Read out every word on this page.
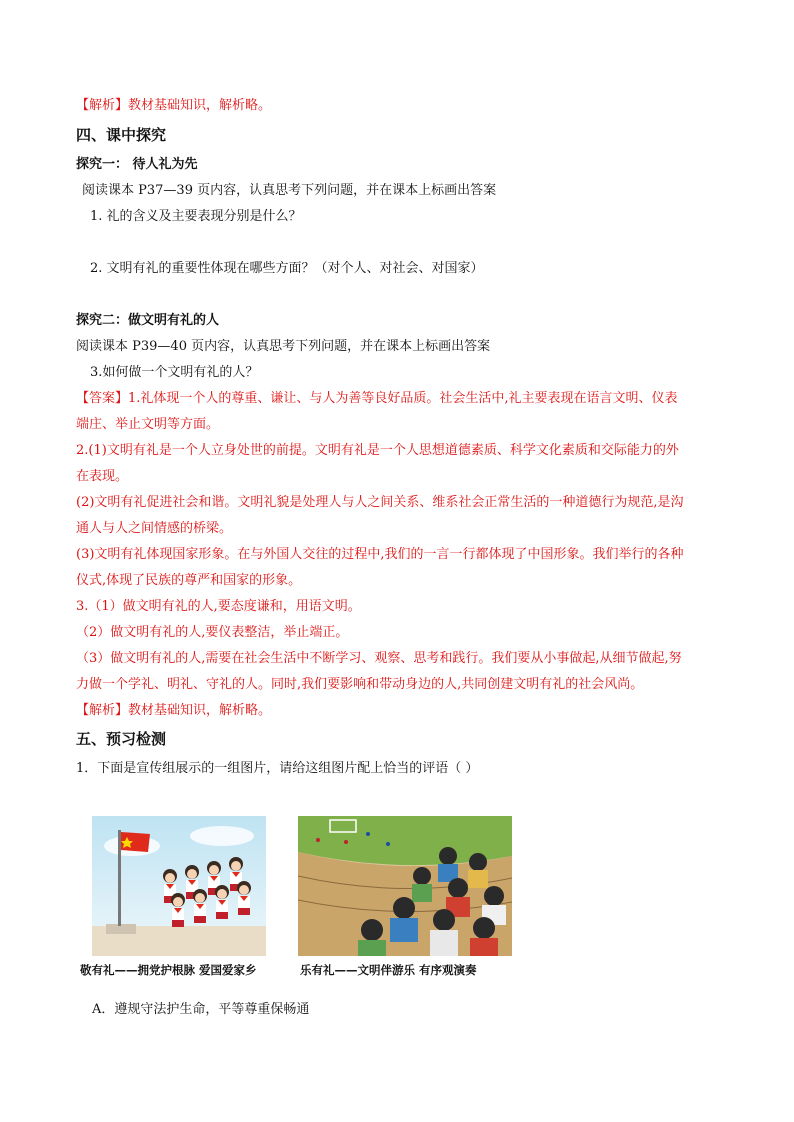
【解析】教材基础知识，解析略。
四、课中探究
探究一： 待人礼为先
阅读课本 P37—39 页内容，认真思考下列问题，并在课本上标画出答案
1. 礼的含义及主要表现分别是什么？
2. 文明有礼的重要性体现在哪些方面？（对个人、对社会、对国家）
探究二：做文明有礼的人
阅读课本 P39—40 页内容，认真思考下列问题，并在课本上标画出答案
3.如何做一个文明有礼的人？
【答案】1.礼体现一个人的尊重、谦让、与人为善等良好品质。社会生活中,礼主要表现在语言文明、仪表
端庄、举止文明等方面。
2.(1)文明有礼是一个人立身处世的前提。文明有礼是一个人思想道德素质、科学文化素质和交际能力的外
在表现。
(2)文明有礼促进社会和谐。文明礼貌是处理人与人之间关系、维系社会正常生活的一种道德行为规范,是沟
通人与人之间情感的桥梁。
(3)文明有礼体现国家形象。在与外国人交往的过程中,我们的一言一行都体现了中国形象。我们举行的各种
仪式,体现了民族的尊严和国家的形象。
3.（1）做文明有礼的人,要态度谦和，用语文明。
（2）做文明有礼的人,要仪表整洁，举止端正。
（3）做文明有礼的人,需要在社会生活中不断学习、观察、思考和践行。我们要从小事做起,从细节做起,努
力做一个学礼、明礼、守礼的人。同时,我们要影响和带动身边的人,共同创建文明有礼的社会风尚。
【解析】教材基础知识，解析略。
五、预习检测
1．下面是宣传组展示的一组图片，请给这组图片配上恰当的评语（ ）
敬有礼——拥党护根脉 爱国爱家乡	乐有礼——文明伴游乐 有序观演奏
A．遵规守法护生命，平等尊重保畅通
